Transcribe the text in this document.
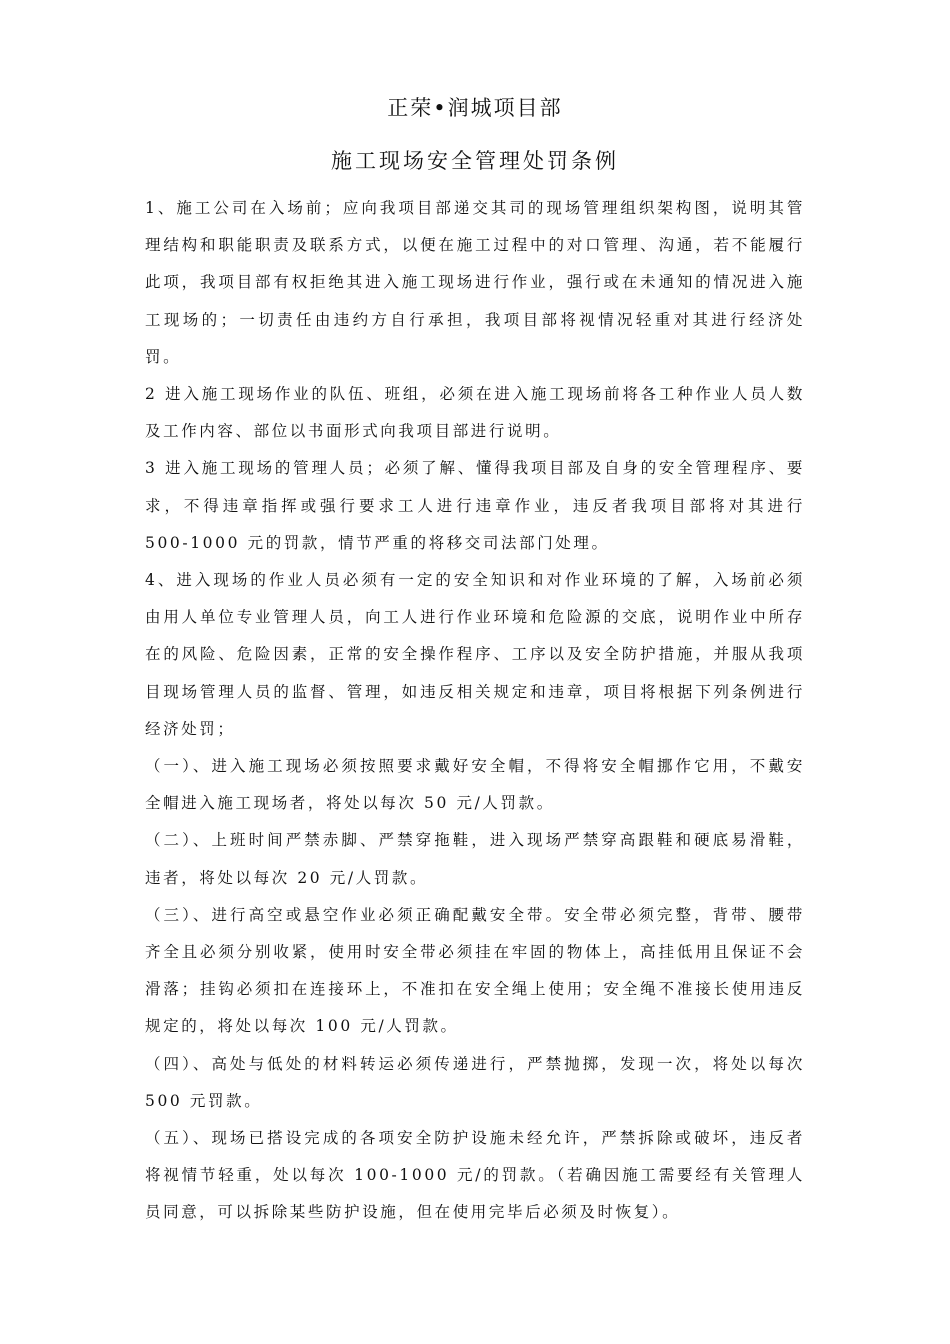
正荣•润城项目部
施工现场安全管理处罚条例

1、施工公司在入场前；应向我项目部递交其司的现场管理组织架构图，说明其管理结构和职能职责及联系方式，以便在施工过程中的对口管理、沟通，若不能履行此项，我项目部有权拒绝其进入施工现场进行作业，强行或在未通知的情况进入施工现场的；一切责任由违约方自行承担，我项目部将视情况轻重对其进行经济处罚。

2 进入施工现场作业的队伍、班组，必须在进入施工现场前将各工种作业人员人数及工作内容、部位以书面形式向我项目部进行说明。

3 进入施工现场的管理人员；必须了解、懂得我项目部及自身的安全管理程序、要求，不得违章指挥或强行要求工人进行违章作业，违反者我项目部将对其进行 500-1000 元的罚款，情节严重的将移交司法部门处理。

4、进入现场的作业人员必须有一定的安全知识和对作业环境的了解，入场前必须由用人单位专业管理人员，向工人进行作业环境和危险源的交底，说明作业中所存在的风险、危险因素，正常的安全操作程序、工序以及安全防护措施，并服从我项目现场管理人员的监督、管理，如违反相关规定和违章，项目将根据下列条例进行经济处罚；

（一）、进入施工现场必须按照要求戴好安全帽，不得将安全帽挪作它用，不戴安全帽进入施工现场者，将处以每次 50 元/人罚款。

（二）、上班时间严禁赤脚、严禁穿拖鞋，进入现场严禁穿高跟鞋和硬底易滑鞋，违者，将处以每次 20 元/人罚款。

（三）、进行高空或悬空作业必须正确配戴安全带。安全带必须完整，背带、腰带齐全且必须分别收紧，使用时安全带必须挂在牢固的物体上，高挂低用且保证不会滑落；挂钩必须扣在连接环上，不准扣在安全绳上使用；安全绳不准接长使用违反规定的，将处以每次 100 元/人罚款。

（四）、高处与低处的材料转运必须传递进行，严禁抛掷，发现一次，将处以每次 500 元罚款。

（五）、现场已搭设完成的各项安全防护设施未经允许，严禁拆除或破坏，违反者将视情节轻重，处以每次 100-1000 元/的罚款。（若确因施工需要经有关管理人员同意，可以拆除某些防护设施，但在使用完毕后必须及时恢复）。
